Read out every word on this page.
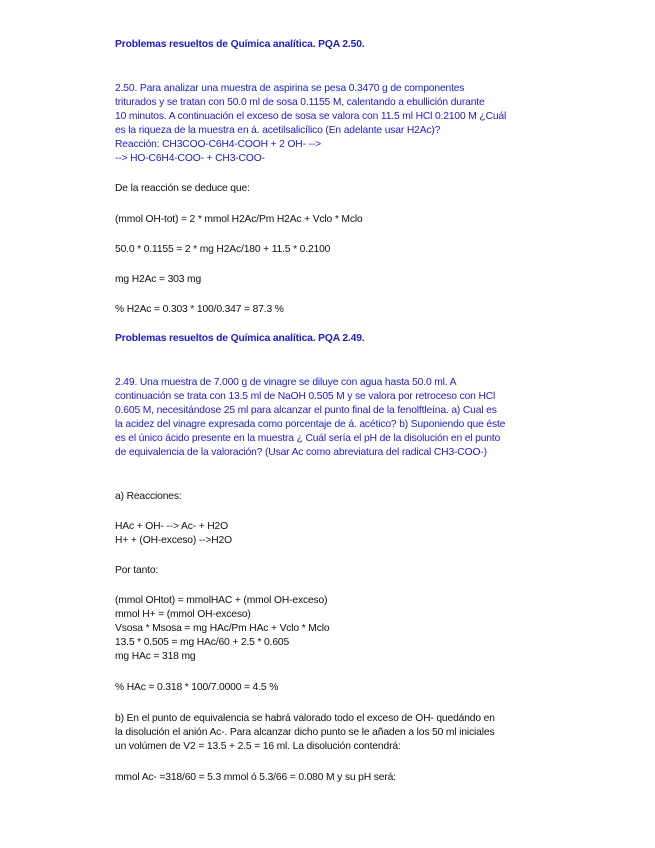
Problemas resueltos de Química analítica. PQA 2.50.
2.50. Para analizar una muestra de aspirina se pesa 0.3470 g de componentes
triturados y se tratan con 50.0 ml de sosa 0.1155 M, calentando a ebullición durante
10 minutos. A continuación el exceso de sosa se valora con 11.5 ml HCl 0.2100 M ¿Cuál
es la riqueza de la muestra en á. acetilsalicílico (En adelante usar H2Ac)?
Reacción: CH3COO-C6H4-COOH + 2 OH- -->
--> HO-C6H4-COO- + CH3-COO-
De la reacción se deduce que:
(mmol OH-tot) = 2 * mmol H2Ac/Pm H2Ac + Vclo * Mclo
50.0 * 0.1155 = 2 * mg H2Ac/180 + 11.5 * 0.2100
mg H2Ac = 303 mg
% H2Ac = 0.303 * 100/0.347 = 87.3 %
Problemas resueltos de Química analítica. PQA 2.49.
2.49. Una muestra de 7.000 g de vinagre se diluye con agua hasta 50.0 ml. A
continuación se trata con 13.5 ml de NaOH 0.505 M y se valora por retroceso con HCl
0.605 M, necesitándose 25 ml para alcanzar el punto final de la fenolftleína. a) Cual es
la acidez del vinagre expresada como porcentaje de á. acético? b) Suponiendo que éste
es el único ácido presente en la muestra ¿ Cuál sería el pH de la disolución en el punto
de equivalencia de la valoración? (Usar Ac como abreviatura del radical CH3-COO-)
a) Reacciones:
HAc + OH- --> Ac- + H2O
H+ + (OH-exceso) -->H2O
Por tanto:
(mmol OHtot) = mmolHAC + (mmol OH-exceso)
mmol H+ = (mmol OH-exceso)
Vsosa * Msosa = mg HAc/Pm HAc + Vclo * Mclo
13.5 * 0.505 = mg HAc/60 + 2.5 * 0.605
mg HAc = 318 mg
% HAc = 0.318 * 100/7.0000 = 4.5 %
b) En el punto de equivalencia se habrá valorado todo el exceso de OH- quedándo en
la disolución el anión Ac-. Para alcanzar dicho punto se le añaden a los 50 ml iniciales
un volúmen de V2 = 13.5 + 2.5 = 16 ml. La disolución contendrá:
mmol Ac- =318/60 = 5.3 mmol ó 5.3/66 = 0.080 M y su pH será:
